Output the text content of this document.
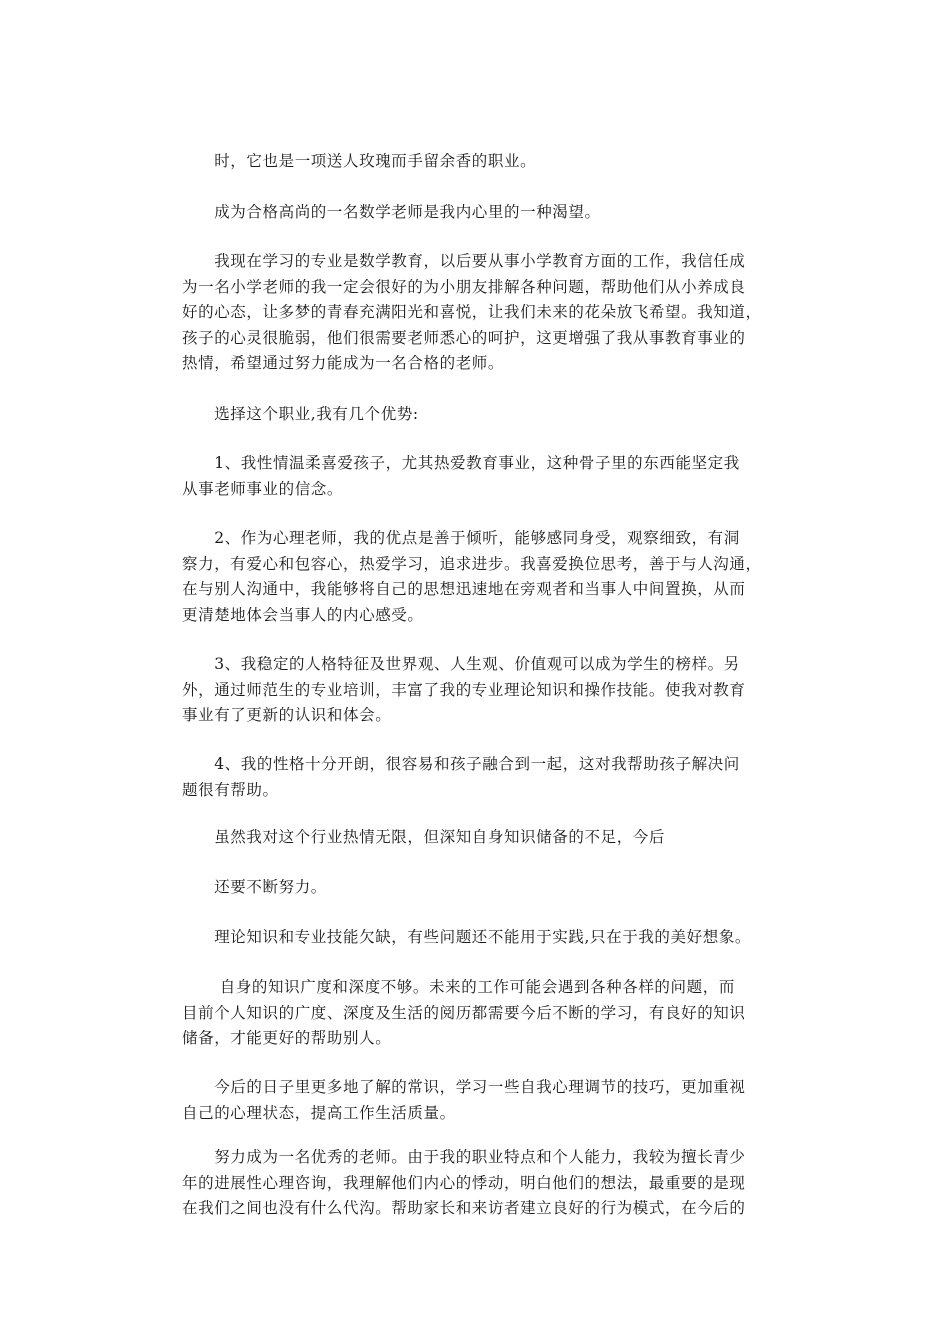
　　时，它也是一项送人玫瑰而手留余香的职业。
　　成为合格高尚的一名数学老师是我内心里的一种渴望。
　　我现在学习的专业是数学教育，以后要从事小学教育方面的工作，我信任成
为一名小学老师的我一定会很好的为小朋友排解各种问题，帮助他们从小养成良
好的心态，让多梦的青春充满阳光和喜悦，让我们未来的花朵放飞希望。我知道，
孩子的心灵很脆弱，他们很需要老师悉心的呵护，这更增强了我从事教育事业的
热情，希望通过努力能成为一名合格的老师。
　　选择这个职业,我有几个优势:
　　1、我性情温柔喜爱孩子，尤其热爱教育事业，这种骨子里的东西能坚定我
从事老师事业的信念。
　　2、作为心理老师，我的优点是善于倾听，能够感同身受，观察细致，有洞
察力，有爱心和包容心，热爱学习，追求进步。我喜爱换位思考，善于与人沟通，
在与别人沟通中，我能够将自己的思想迅速地在旁观者和当事人中间置换，从而
更清楚地体会当事人的内心感受。
　　3、我稳定的人格特征及世界观、人生观、价值观可以成为学生的榜样。另
外，通过师范生的专业培训，丰富了我的专业理论知识和操作技能。使我对教育
事业有了更新的认识和体会。
　　4、我的性格十分开朗，很容易和孩子融合到一起，这对我帮助孩子解决问
题很有帮助。
　　虽然我对这个行业热情无限，但深知自身知识储备的不足，今后
　　还要不断努力。
　　理论知识和专业技能欠缺，有些问题还不能用于实践,只在于我的美好想象。
　　 自身的知识广度和深度不够。未来的工作可能会遇到各种各样的问题，而
目前个人知识的广度、深度及生活的阅历都需要今后不断的学习，有良好的知识
储备，才能更好的帮助别人。
　　今后的日子里更多地了解的常识，学习一些自我心理调节的技巧，更加重视
自己的心理状态，提高工作生活质量。
　　努力成为一名优秀的老师。由于我的职业特点和个人能力，我较为擅长青少
年的进展性心理咨询，我理解他们内心的悸动，明白他们的想法，最重要的是现
在我们之间也没有什么代沟。帮助家长和来访者建立良好的行为模式，在今后的
